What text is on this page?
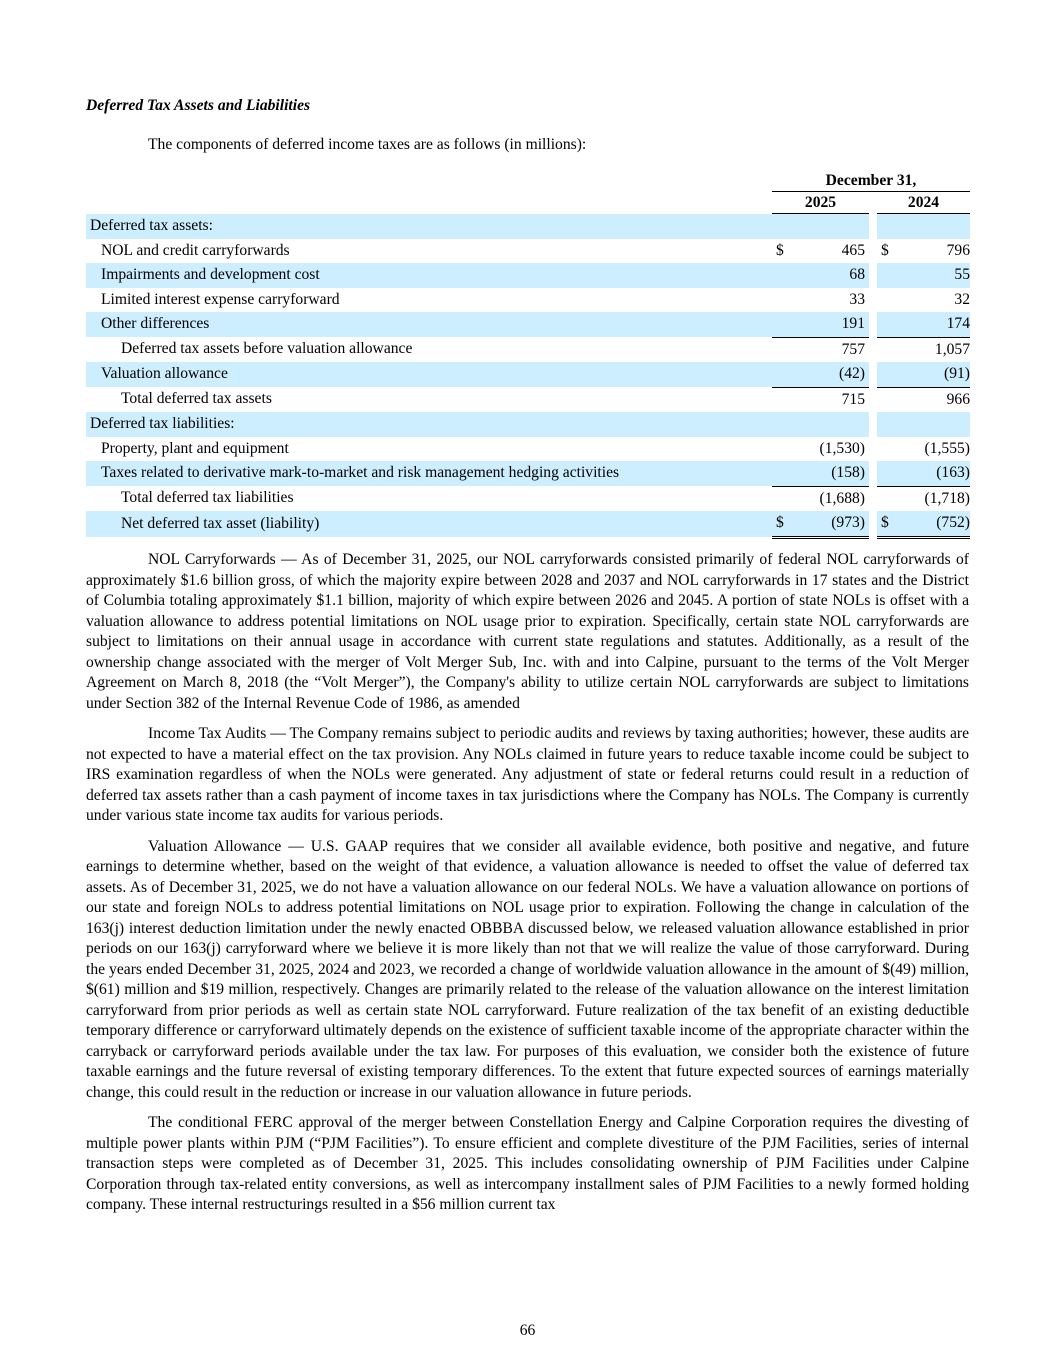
Deferred Tax Assets and Liabilities
The components of deferred income taxes are as follows (in millions):
	December 31,					
	2025				2024	
Deferred tax assets:						
NOL and credit carryforwards	$	465			$	796
Impairments and development cost		68				55
Limited interest expense carryforward		33				32
Other differences		191				174
Deferred tax assets before valuation allowance		757				1,057
Valuation allowance		(42)				(91)
Total deferred tax assets		715				966
Deferred tax liabilities:						
Property, plant and equipment		(1,530)				(1,555)
Taxes related to derivative mark-to-market and risk management hedging activities		(158)				(163)
Total deferred tax liabilities		(1,688)				(1,718)
Net deferred tax asset (liability)	$	(973)			$	(752)

NOL Carryforwards — As of December 31, 2025, our NOL carryforwards consisted primarily of federal NOL carryforwards of approximately $1.6 billion gross, of which the majority expire between 2028 and 2037 and NOL carryforwards in 17 states and the District of Columbia totaling approximately $1.1 billion, majority of which expire between 2026 and 2045. A portion of state NOLs is offset with a valuation allowance to address potential limitations on NOL usage prior to expiration. Specifically, certain state NOL carryforwards are subject to limitations on their annual usage in accordance with current state regulations and statutes. Additionally, as a result of the ownership change associated with the merger of Volt Merger Sub, Inc. with and into Calpine, pursuant to the terms of the Volt Merger Agreement on March 8, 2018 (the “Volt Merger”), the Company's ability to utilize certain NOL carryforwards are subject to limitations under Section 382 of the Internal Revenue Code of 1986, as amended

Income Tax Audits — The Company remains subject to periodic audits and reviews by taxing authorities; however, these audits are not expected to have a material effect on the tax provision. Any NOLs claimed in future years to reduce taxable income could be subject to IRS examination regardless of when the NOLs were generated. Any adjustment of state or federal returns could result in a reduction of deferred tax assets rather than a cash payment of income taxes in tax jurisdictions where the Company has NOLs. The Company is currently under various state income tax audits for various periods.

Valuation Allowance — U.S. GAAP requires that we consider all available evidence, both positive and negative, and future earnings to determine whether, based on the weight of that evidence, a valuation allowance is needed to offset the value of deferred tax assets. As of December 31, 2025, we do not have a valuation allowance on our federal NOLs. We have a valuation allowance on portions of our state and foreign NOLs to address potential limitations on NOL usage prior to expiration. Following the change in calculation of the 163(j) interest deduction limitation under the newly enacted OBBBA discussed below, we released valuation allowance established in prior periods on our 163(j) carryforward where we believe it is more likely than not that we will realize the value of those carryforward. During the years ended December 31, 2025, 2024 and 2023, we recorded a change of worldwide valuation allowance in the amount of $(49) million, $(61) million and $19 million, respectively. Changes are primarily related to the release of the valuation allowance on the interest limitation carryforward from prior periods as well as certain state NOL carryforward. Future realization of the tax benefit of an existing deductible temporary difference or carryforward ultimately depends on the existence of sufficient taxable income of the appropriate character within the carryback or carryforward periods available under the tax law. For purposes of this evaluation, we consider both the existence of future taxable earnings and the future reversal of existing temporary differences. To the extent that future expected sources of earnings materially change, this could result in the reduction or increase in our valuation allowance in future periods.

The conditional FERC approval of the merger between Constellation Energy and Calpine Corporation requires the divesting of multiple power plants within PJM (“PJM Facilities”). To ensure efficient and complete divestiture of the PJM Facilities, series of internal transaction steps were completed as of December 31, 2025. This includes consolidating ownership of PJM Facilities under Calpine Corporation through tax-related entity conversions, as well as intercompany installment sales of PJM Facilities to a newly formed holding company. These internal restructurings resulted in a $56 million current tax

66
